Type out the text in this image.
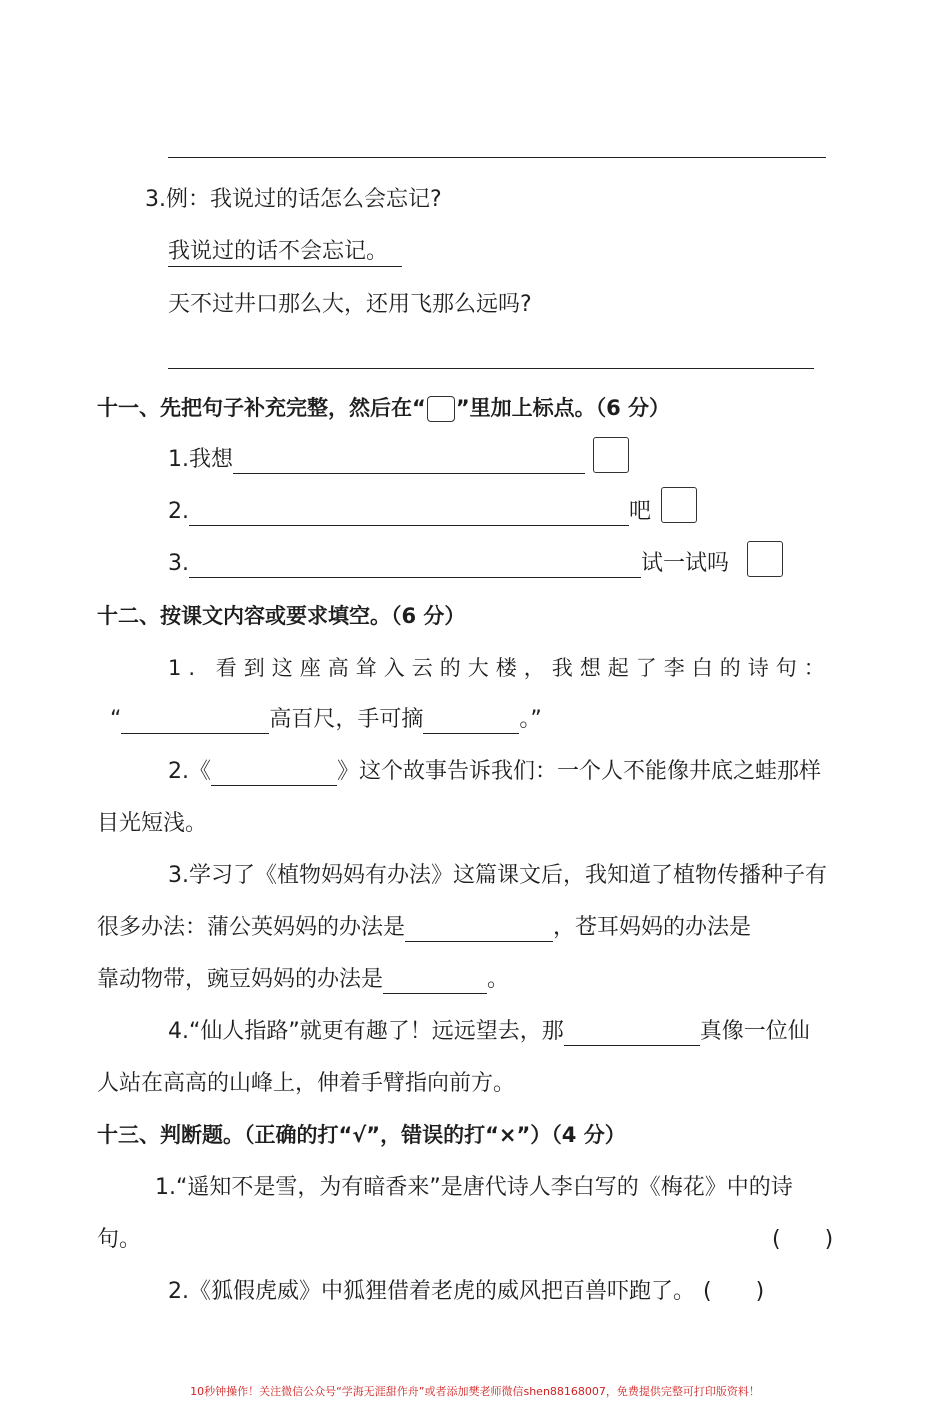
3.例：我说过的话怎么会忘记?
我说过的话不会忘记。
天不过井口那么大，还用飞那么远吗?
十一、先把句子补充完整，然后在“ ”里加上标点。（6 分）
1.我想
2.	吧
3.	试一试吗
十二、按课文内容或要求填空。（6 分）
1. 看到这座高耸入云的大楼，我想起了李白的诗句：
“	高百尺，手可摘	。”
2.《	》这个故事告诉我们：一个人不能像井底之蛙那样
目光短浅。
3.学习了《植物妈妈有办法》这篇课文后，我知道了植物传播种子有
很多办法：蒲公英妈妈的办法是	，苍耳妈妈的办法是
靠动物带，豌豆妈妈的办法是	。
4.“仙人指路”就更有趣了！远远望去，那	真像一位仙
人站在高高的山峰上，伸着手臂指向前方。
十三、判断题。（正确的打“√”，错误的打“×”）（4 分）
1.“遥知不是雪，为有暗香来”是唐代诗人李白写的《梅花》中的诗
句。	(　　)
2.《狐假虎威》中狐狸借着老虎的威风把百兽吓跑了。 (　　)
10秒钟操作！关注微信公众号“学海无涯甜作舟”或者添加樊老师微信shen88168007，免费提供完整可打印版资料！
